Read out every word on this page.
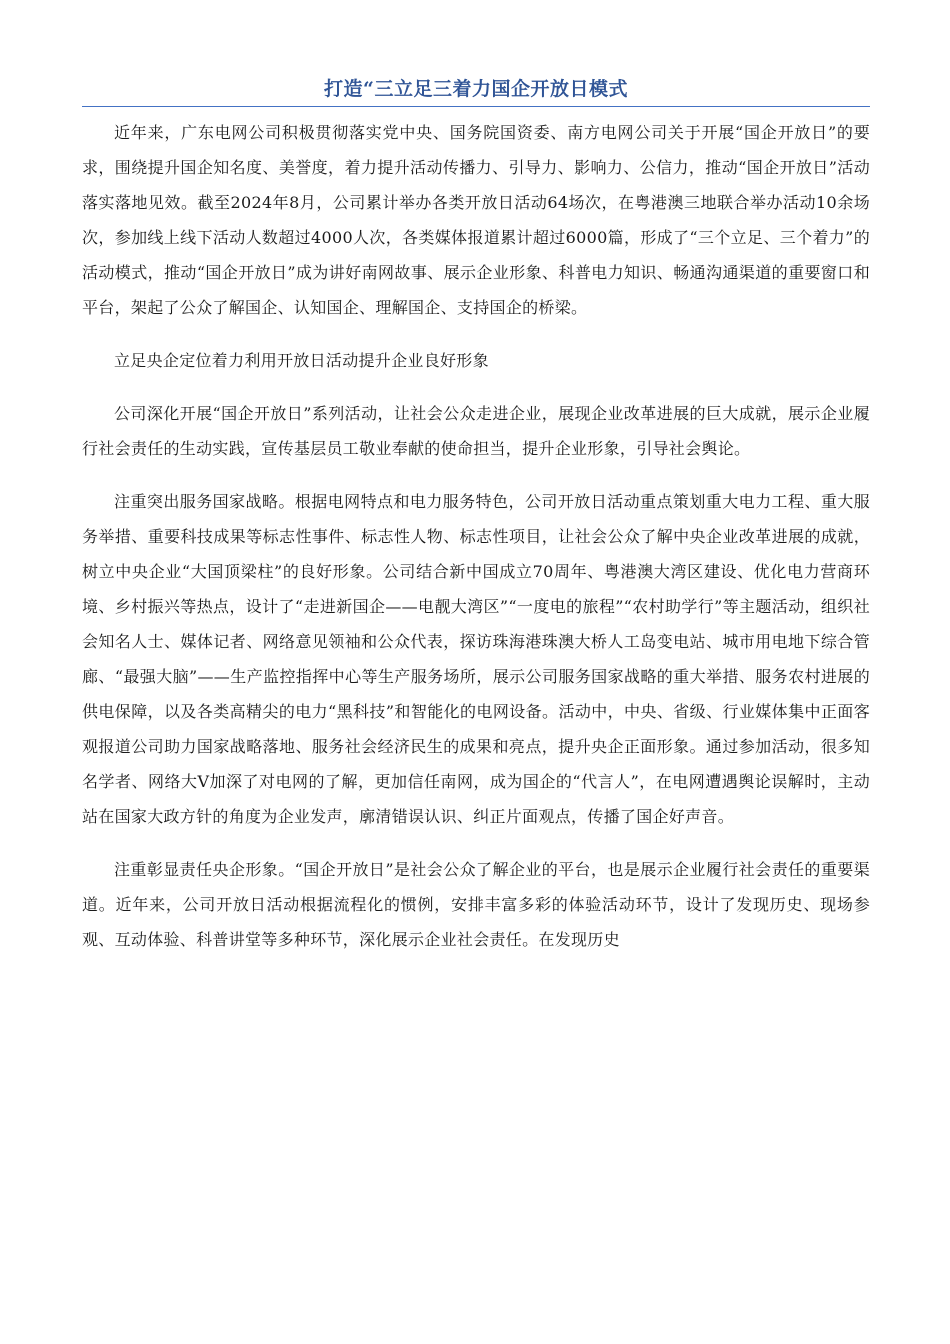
打造“三立足三着力国企开放日模式

近年来，广东电网公司积极贯彻落实党中央、国务院国资委、南方电网公司关于开展“国企开放日”的要求，围绕提升国企知名度、美誉度，着力提升活动传播力、引导力、影响力、公信力，推动“国企开放日”活动落实落地见效。截至2024年8月，公司累计举办各类开放日活动64场次，在粤港澳三地联合举办活动10余场次，参加线上线下活动人数超过4000人次，各类媒体报道累计超过6000篇，形成了“三个立足、三个着力”的活动模式，推动“国企开放日”成为讲好南网故事、展示企业形象、科普电力知识、畅通沟通渠道的重要窗口和平台，架起了公众了解国企、认知国企、理解国企、支持国企的桥梁。

立足央企定位着力利用开放日活动提升企业良好形象

公司深化开展“国企开放日”系列活动，让社会公众走进企业，展现企业改革进展的巨大成就，展示企业履行社会责任的生动实践，宣传基层员工敬业奉献的使命担当，提升企业形象，引导社会舆论。

注重突出服务国家战略。根据电网特点和电力服务特色，公司开放日活动重点策划重大电力工程、重大服务举措、重要科技成果等标志性事件、标志性人物、标志性项目，让社会公众了解中央企业改革进展的成就，树立中央企业“大国顶梁柱”的良好形象。公司结合新中国成立70周年、粤港澳大湾区建设、优化电力营商环境、乡村振兴等热点，设计了“走进新国企——电靓大湾区”“一度电的旅程”“农村助学行”等主题活动，组织社会知名人士、媒体记者、网络意见领袖和公众代表，探访珠海港珠澳大桥人工岛变电站、城市用电地下综合管廊、“最强大脑”——生产监控指挥中心等生产服务场所，展示公司服务国家战略的重大举措、服务农村进展的供电保障，以及各类高精尖的电力“黑科技”和智能化的电网设备。活动中，中央、省级、行业媒体集中正面客观报道公司助力国家战略落地、服务社会经济民生的成果和亮点，提升央企正面形象。通过参加活动，很多知名学者、网络大V加深了对电网的了解，更加信任南网，成为国企的“代言人”，在电网遭遇舆论误解时，主动站在国家大政方针的角度为企业发声，廓清错误认识、纠正片面观点，传播了国企好声音。

注重彰显责任央企形象。“国企开放日”是社会公众了解企业的平台，也是展示企业履行社会责任的重要渠道。近年来，公司开放日活动根据流程化的惯例，安排丰富多彩的体验活动环节，设计了发现历史、现场参观、互动体验、科普讲堂等多种环节，深化展示企业社会责任。在发现历史
